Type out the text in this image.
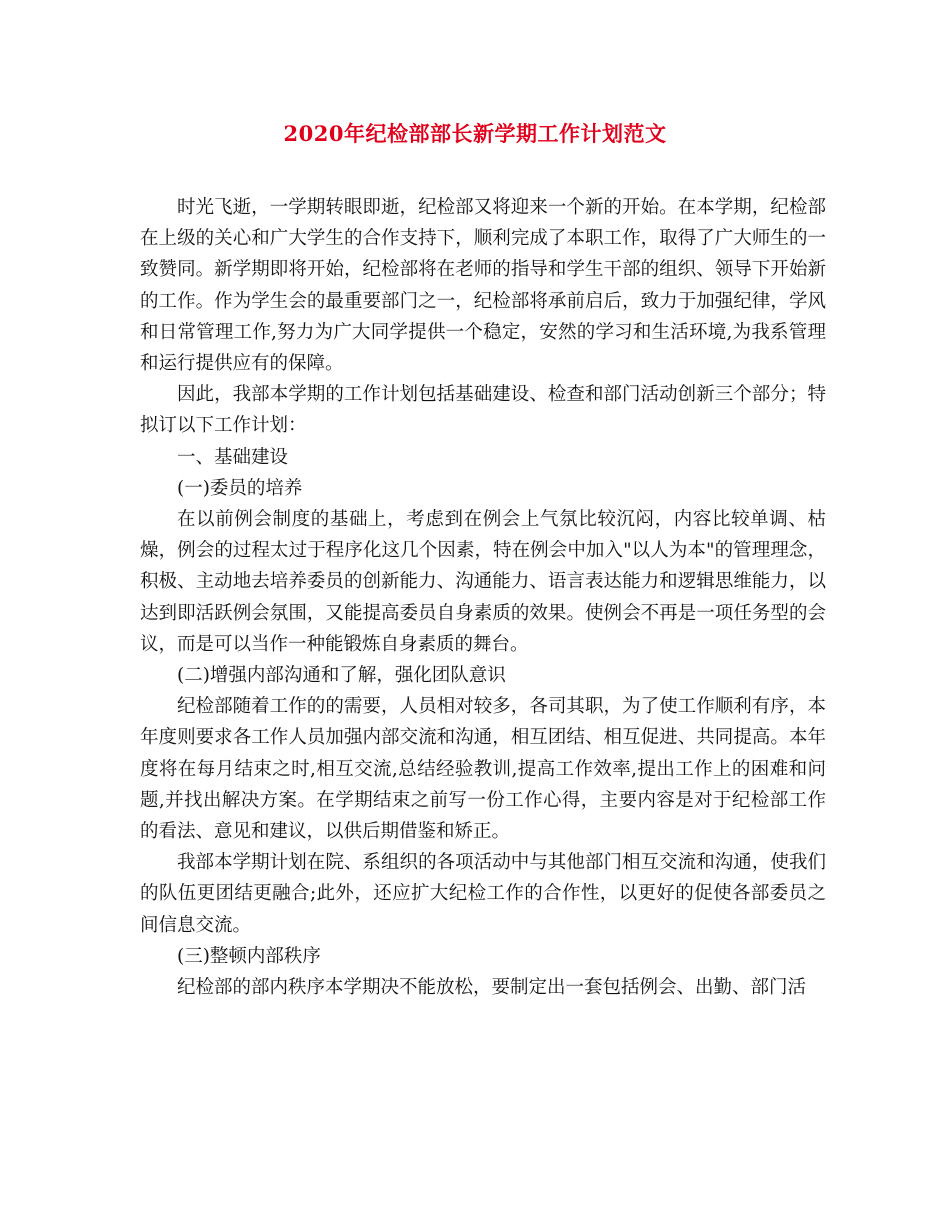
2020年纪检部部长新学期工作计划范文

时光飞逝，一学期转眼即逝，纪检部又将迎来一个新的开始。在本学期，纪检部在上级的关心和广大学生的合作支持下，顺利完成了本职工作，取得了广大师生的一致赞同。新学期即将开始，纪检部将在老师的指导和学生干部的组织、领导下开始新的工作。作为学生会的最重要部门之一，纪检部将承前启后，致力于加强纪律，学风和日常管理工作,努力为广大同学提供一个稳定，安然的学习和生活环境,为我系管理和运行提供应有的保障。

因此，我部本学期的工作计划包括基础建设、检查和部门活动创新三个部分；特拟订以下工作计划：

一、基础建设

(一)委员的培养

在以前例会制度的基础上，考虑到在例会上气氛比较沉闷，内容比较单调、枯燥，例会的过程太过于程序化这几个因素，特在例会中加入"以人为本"的管理理念，积极、主动地去培养委员的创新能力、沟通能力、语言表达能力和逻辑思维能力，以达到即活跃例会氛围，又能提高委员自身素质的效果。使例会不再是一项任务型的会议，而是可以当作一种能锻炼自身素质的舞台。

(二)增强内部沟通和了解，强化团队意识

纪检部随着工作的的需要，人员相对较多，各司其职，为了使工作顺利有序，本年度则要求各工作人员加强内部交流和沟通，相互团结、相互促进、共同提高。本年度将在每月结束之时,相互交流,总结经验教训,提高工作效率,提出工作上的困难和问题,并找出解决方案。在学期结束之前写一份工作心得，主要内容是对于纪检部工作的看法、意见和建议，以供后期借鉴和矫正。

我部本学期计划在院、系组织的各项活动中与其他部门相互交流和沟通，使我们的队伍更团结更融合;此外，还应扩大纪检工作的合作性，以更好的促使各部委员之间信息交流。

(三)整顿内部秩序

纪检部的部内秩序本学期决不能放松，要制定出一套包括例会、出勤、部门活
